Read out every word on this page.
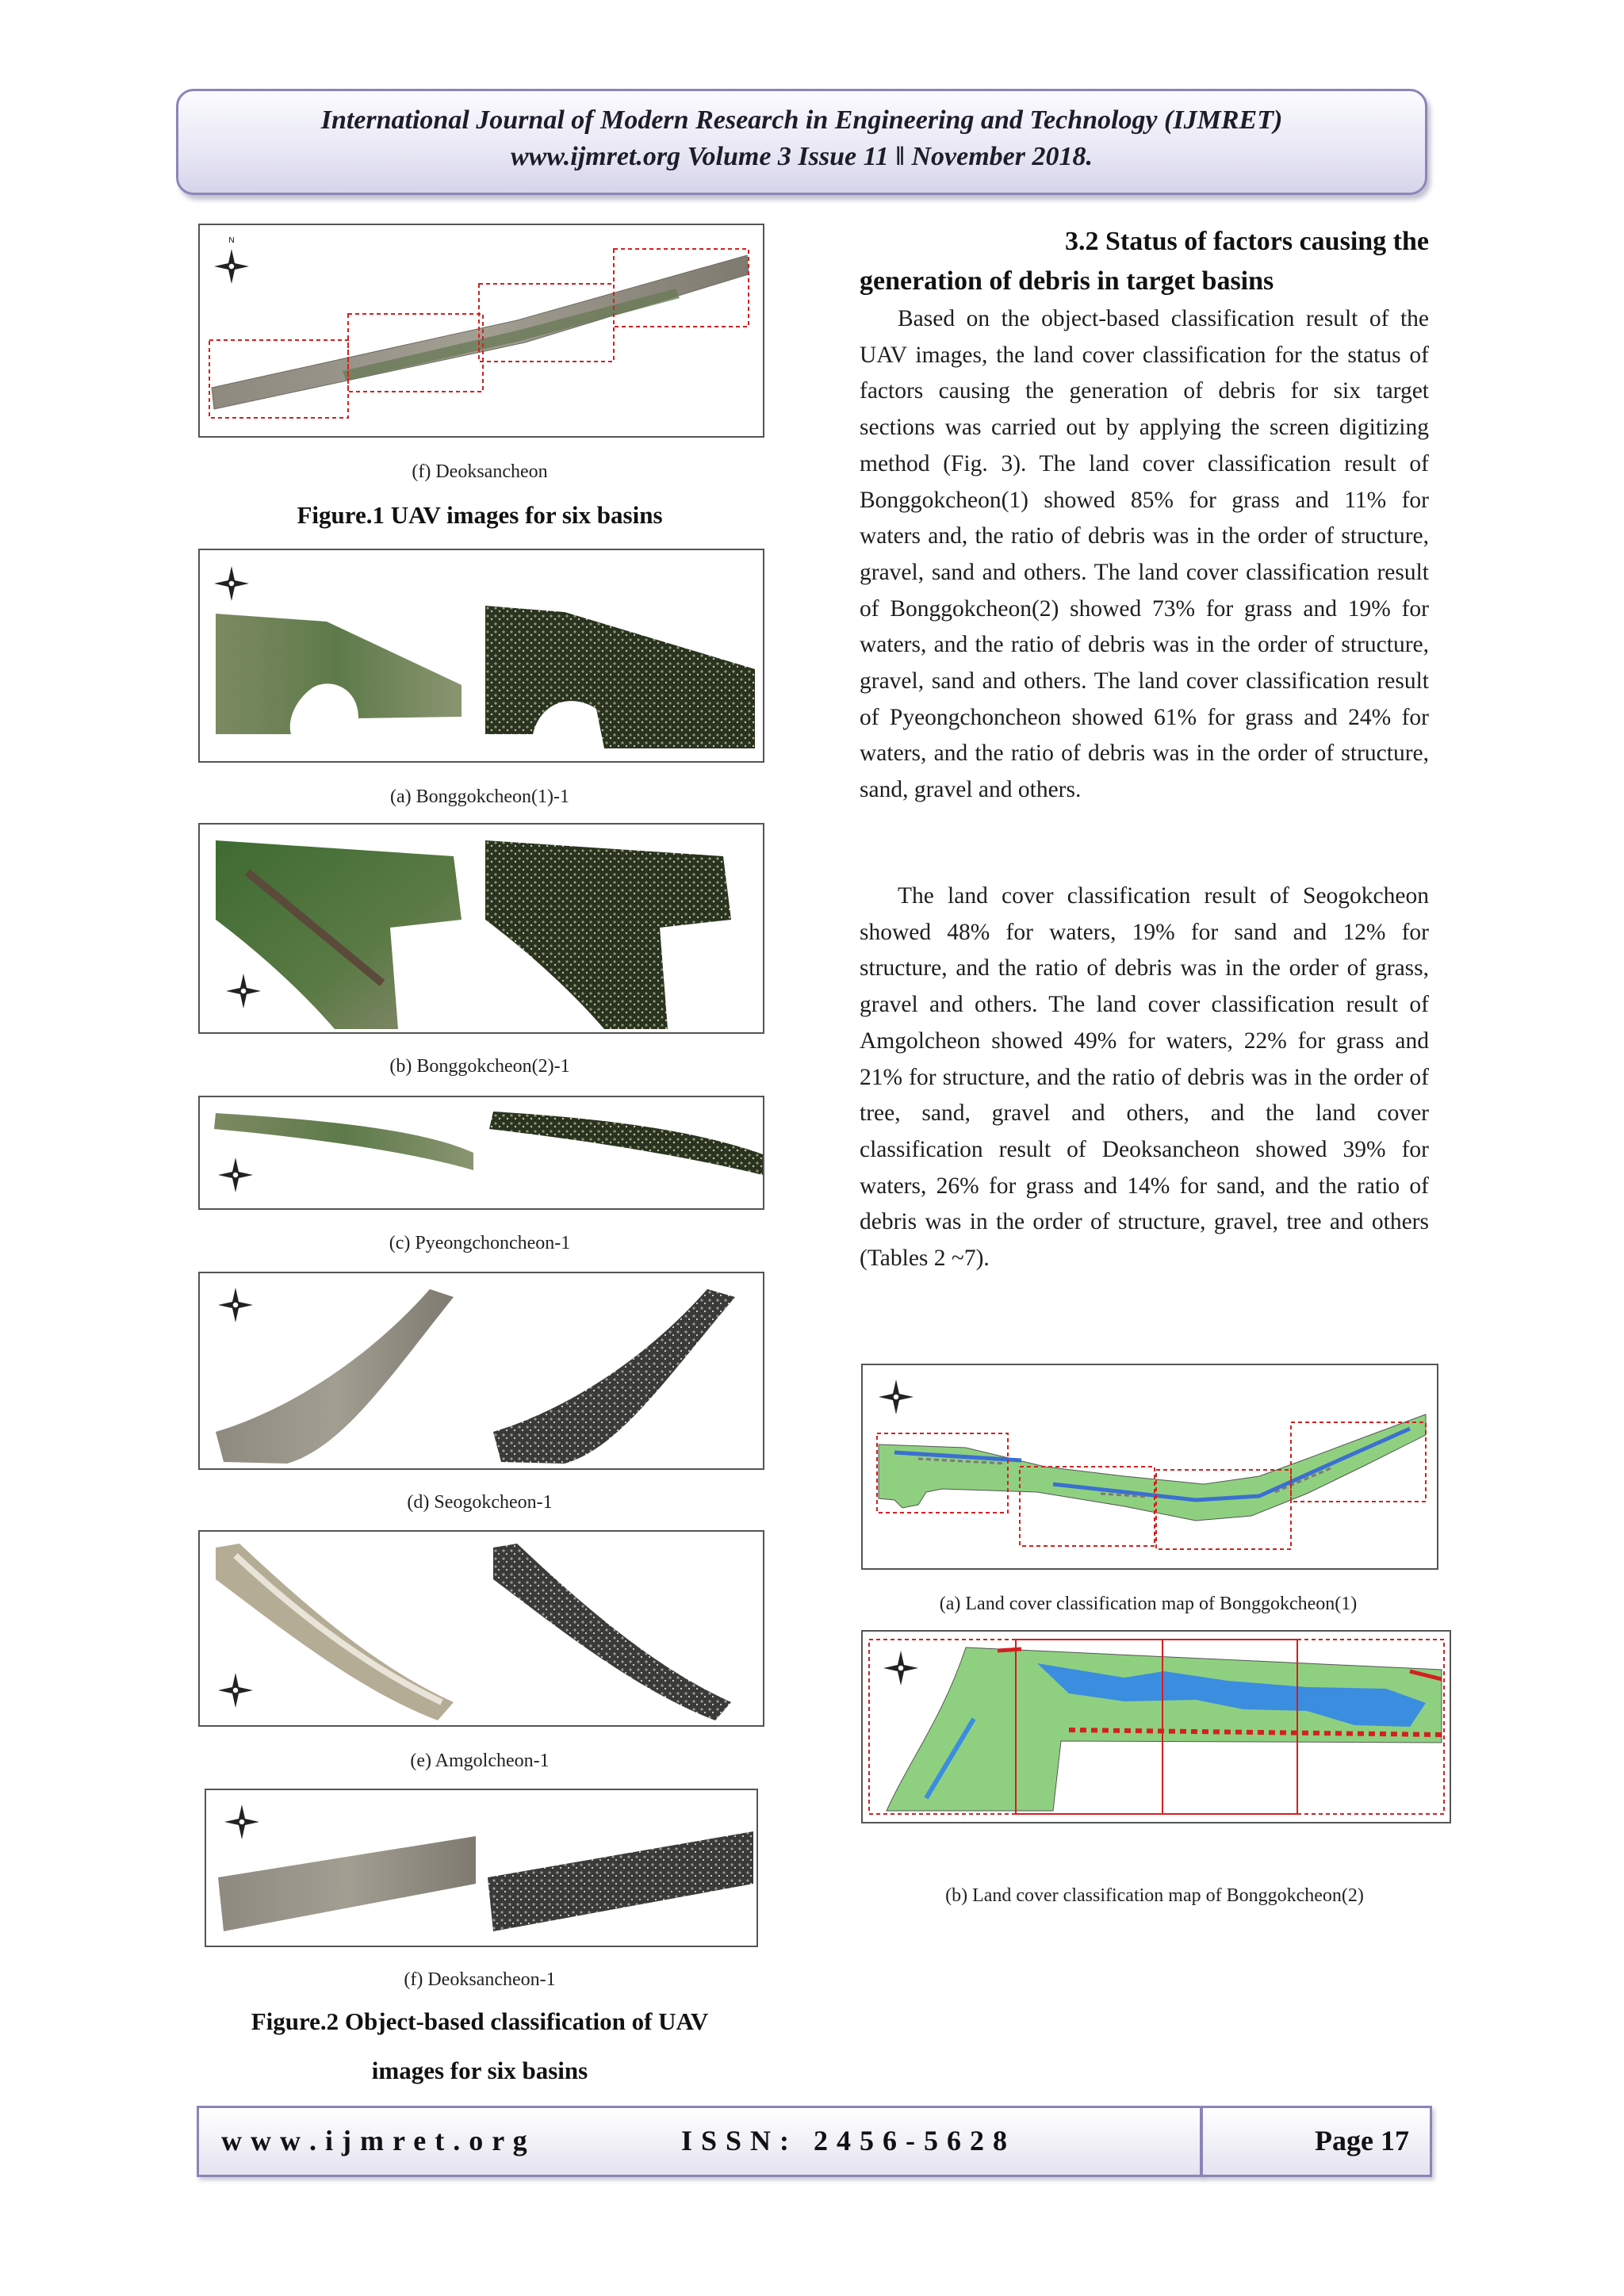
International Journal of Modern Research in Engineering and Technology (IJMRET)
www.ijmret.org Volume 3 Issue 11 ǁ November 2018.
N
(f) Deoksancheon
Figure.1 UAV images for six basins
(a) Bonggokcheon(1)-1
(b) Bonggokcheon(2)-1
(c) Pyeongchoncheon-1
(d) Seogokcheon-1
(e) Amgolcheon-1
(f) Deoksancheon-1
Figure.2 Object-based classification of UAV
images for six basins
3.2 Status of factors causing the
generation of debris in target basins
Based on the object-based classification result of the UAV images, the land cover classification for the status of factors causing the generation of debris for six target sections was carried out by applying the screen digitizing method (Fig. 3). The land cover classification result of Bonggokcheon(1) showed 85% for grass and 11% for waters and, the ratio of debris was in the order of structure, gravel, sand and others. The land cover classification result of Bonggokcheon(2) showed 73% for grass and 19% for waters, and the ratio of debris was in the order of structure, gravel, sand and others. The land cover classification result of Pyeongchoncheon showed 61% for grass and 24% for waters, and the ratio of debris was in the order of structure, sand, gravel and others.
The land cover classification result of Seogokcheon showed 48% for waters, 19% for sand and 12% for structure, and the ratio of debris was in the order of grass, gravel and others. The land cover classification result of Amgolcheon showed 49% for waters, 22% for grass and 21% for structure, and the ratio of debris was in the order of tree, sand, gravel and others, and the land cover classification result of Deoksancheon showed 39% for waters, 26% for grass and 14% for sand, and the ratio of debris was in the order of structure, gravel, tree and others (Tables 2 ~7).
(a) Land cover classification map of Bonggokcheon(1)
(b) Land cover classification map of Bonggokcheon(2)
w w w . i j m r e t . o r g	I S S N :   2 4 5 6 - 5 6 2 8	Page 17
